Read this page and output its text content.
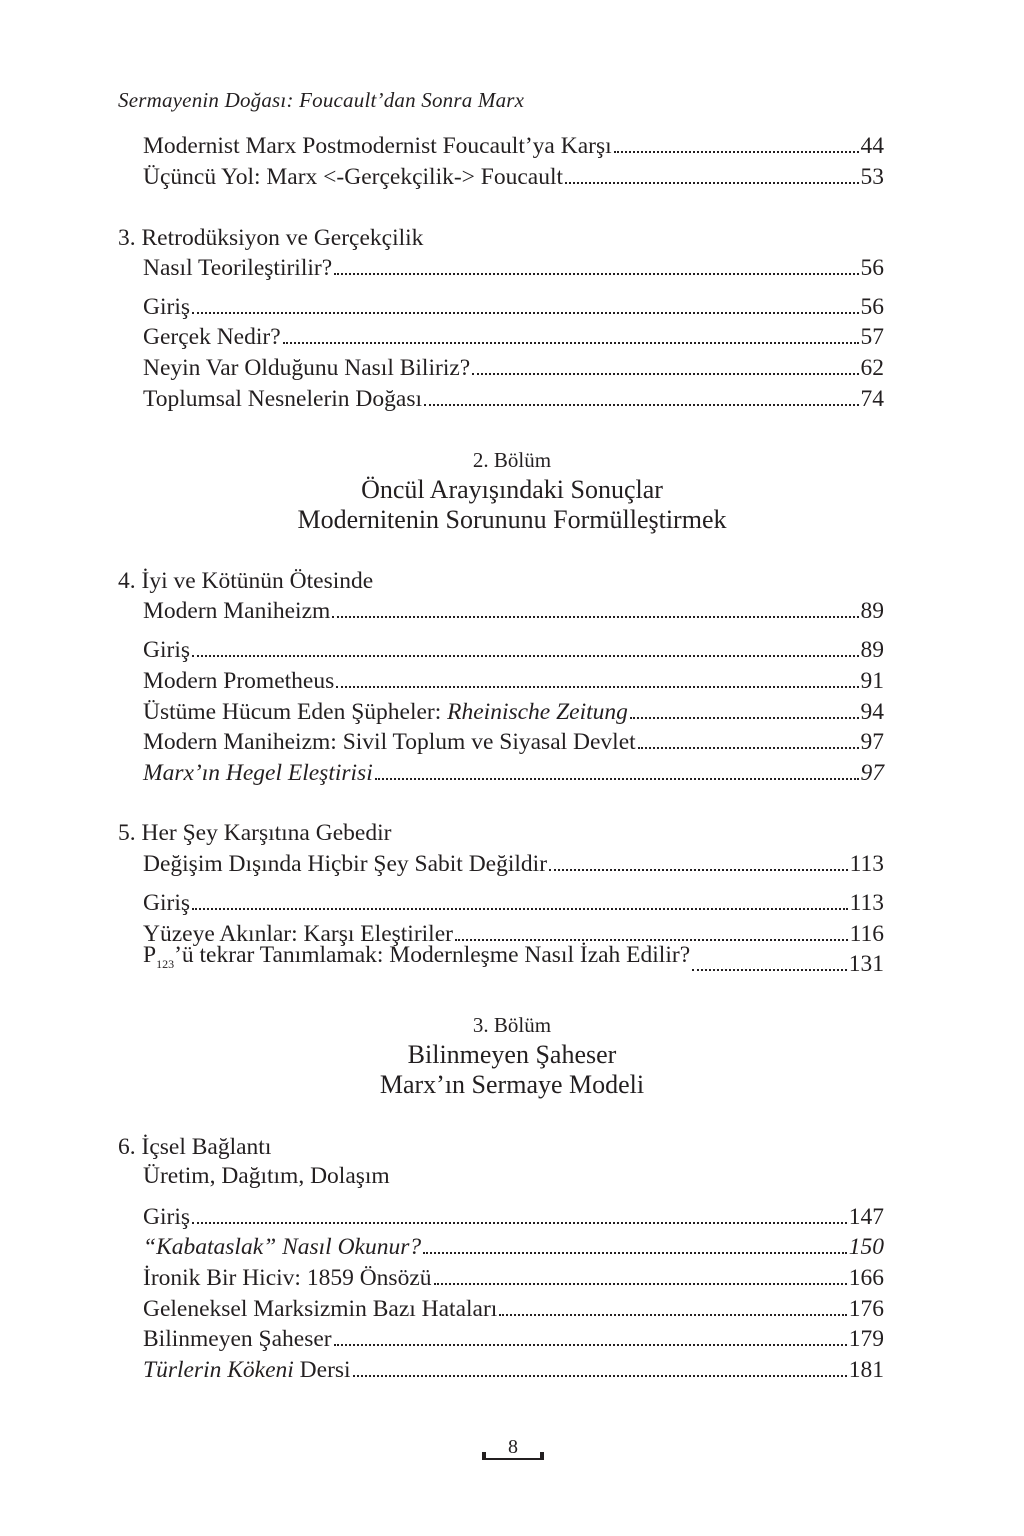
Sermayenin Doğası: Foucault’dan Sonra Marx
Modernist Marx Postmodernist Foucault’ya Karşı	44
Üçüncü Yol: Marx <-Gerçekçilik-> Foucault	53
3. Retrodüksiyon ve Gerçekçilik
Nasıl Teorileştirilir?	56
Giriş	56
Gerçek Nedir?	57
Neyin Var Olduğunu Nasıl Biliriz?	62
Toplumsal Nesnelerin Doğası	74
2. Bölüm
Öncül Arayışındaki Sonuçlar
Modernitenin Sorununu Formülleştirmek
4. İyi ve Kötünün Ötesinde
Modern Maniheizm	89
Giriş	89
Modern Prometheus	91
Üstüme Hücum Eden Şüpheler: Rheinische Zeitung	94
Modern Maniheizm: Sivil Toplum ve Siyasal Devlet	97
Marx’ın Hegel Eleştirisi	97
5. Her Şey Karşıtına Gebedir
Değişim Dışında Hiçbir Şey Sabit Değildir	113
Giriş	113
Yüzeye Akınlar: Karşı Eleştiriler	116
$P_{123}’ü$ tekrar Tanımlamak: Modernleşme Nasıl İzah Edilir?	131
3. Bölüm
Bilinmeyen Şaheser
Marx’ın Sermaye Modeli
6. İçsel Bağlantı
Üretim, Dağıtım, Dolaşım
Giriş	147
“Kabataslak” Nasıl Okunur?	150
İronik Bir Hiciv: 1859 Önsözü	166
Geleneksel Marksizmin Bazı Hataları	176
Bilinmeyen Şaheser	179
Türlerin Kökeni Dersi	181
8
